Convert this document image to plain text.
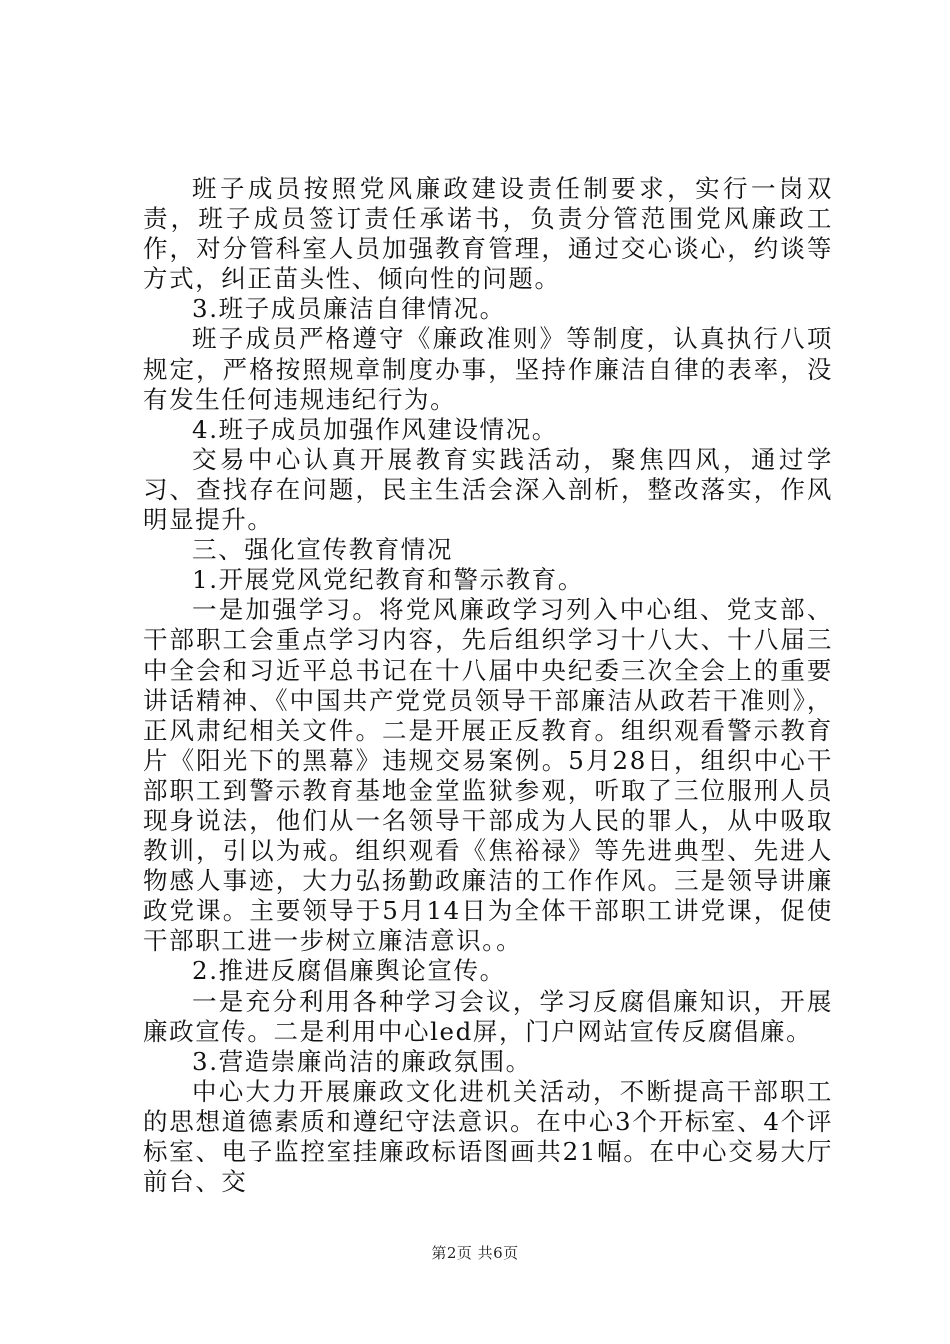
班子成员按照党风廉政建设责任制要求，实行一岗双责，班子成员签订责任承诺书，负责分管范围党风廉政工作，对分管科室人员加强教育管理，通过交心谈心，约谈等方式，纠正苗头性、倾向性的问题。

3.班子成员廉洁自律情况。

班子成员严格遵守《廉政准则》等制度，认真执行八项规定，严格按照规章制度办事，坚持作廉洁自律的表率，没有发生任何违规违纪行为。

4.班子成员加强作风建设情况。

交易中心认真开展教育实践活动，聚焦四风，通过学习、查找存在问题，民主生活会深入剖析，整改落实，作风明显提升。

三、强化宣传教育情况

1.开展党风党纪教育和警示教育。

一是加强学习。将党风廉政学习列入中心组、党支部、干部职工会重点学习内容，先后组织学习十八大、十八届三中全会和习近平总书记在十八届中央纪委三次全会上的重要讲话精神、《中国共产党党员领导干部廉洁从政若干准则》，正风肃纪相关文件。二是开展正反教育。组织观看警示教育片《阳光下的黑幕》违规交易案例。5月28日，组织中心干部职工到警示教育基地金堂监狱参观，听取了三位服刑人员现身说法，他们从一名领导干部成为人民的罪人，从中吸取教训，引以为戒。组织观看《焦裕禄》等先进典型、先进人物感人事迹，大力弘扬勤政廉洁的工作作风。三是领导讲廉政党课。主要领导于5月14日为全体干部职工讲党课，促使干部职工进一步树立廉洁意识。。

2.推进反腐倡廉舆论宣传。

一是充分利用各种学习会议，学习反腐倡廉知识，开展廉政宣传。二是利用中心led屏，门户网站宣传反腐倡廉。

3.营造崇廉尚洁的廉政氛围。

中心大力开展廉政文化进机关活动，不断提高干部职工的思想道德素质和遵纪守法意识。在中心3个开标室、4个评标室、电子监控室挂廉政标语图画共21幅。在中心交易大厅前台、交

第2页 共6页
